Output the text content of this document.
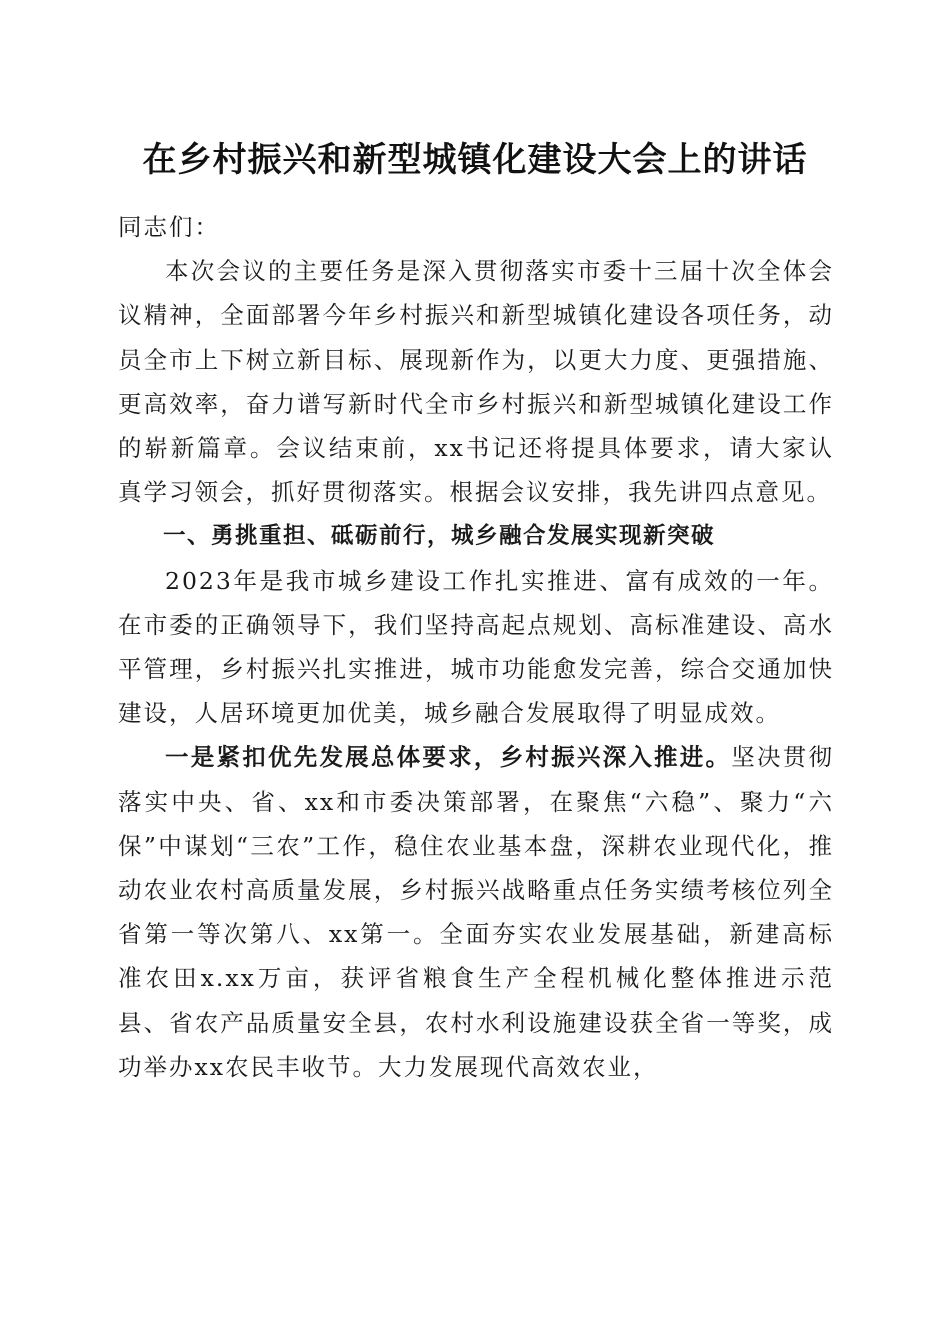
在乡村振兴和新型城镇化建设大会上的讲话

同志们：

本次会议的主要任务是深入贯彻落实市委十三届十次全体会议精神，全面部署今年乡村振兴和新型城镇化建设各项任务，动员全市上下树立新目标、展现新作为，以更大力度、更强措施、更高效率，奋力谱写新时代全市乡村振兴和新型城镇化建设工作的崭新篇章。会议结束前，xx书记还将提具体要求，请大家认真学习领会，抓好贯彻落实。根据会议安排，我先讲四点意见。

一、勇挑重担、砥砺前行，城乡融合发展实现新突破

2023年是我市城乡建设工作扎实推进、富有成效的一年。在市委的正确领导下，我们坚持高起点规划、高标准建设、高水平管理，乡村振兴扎实推进，城市功能愈发完善，综合交通加快建设，人居环境更加优美，城乡融合发展取得了明显成效。

一是紧扣优先发展总体要求，乡村振兴深入推进。坚决贯彻落实中央、省、xx和市委决策部署，在聚焦“六稳”、聚力“六保”中谋划“三农”工作，稳住农业基本盘，深耕农业现代化，推动农业农村高质量发展，乡村振兴战略重点任务实绩考核位列全省第一等次第八、xx第一。全面夯实农业发展基础，新建高标准农田x.xx万亩，获评省粮食生产全程机械化整体推进示范县、省农产品质量安全县，农村水利设施建设获全省一等奖，成功举办xx农民丰收节。大力发展现代高效农业，
